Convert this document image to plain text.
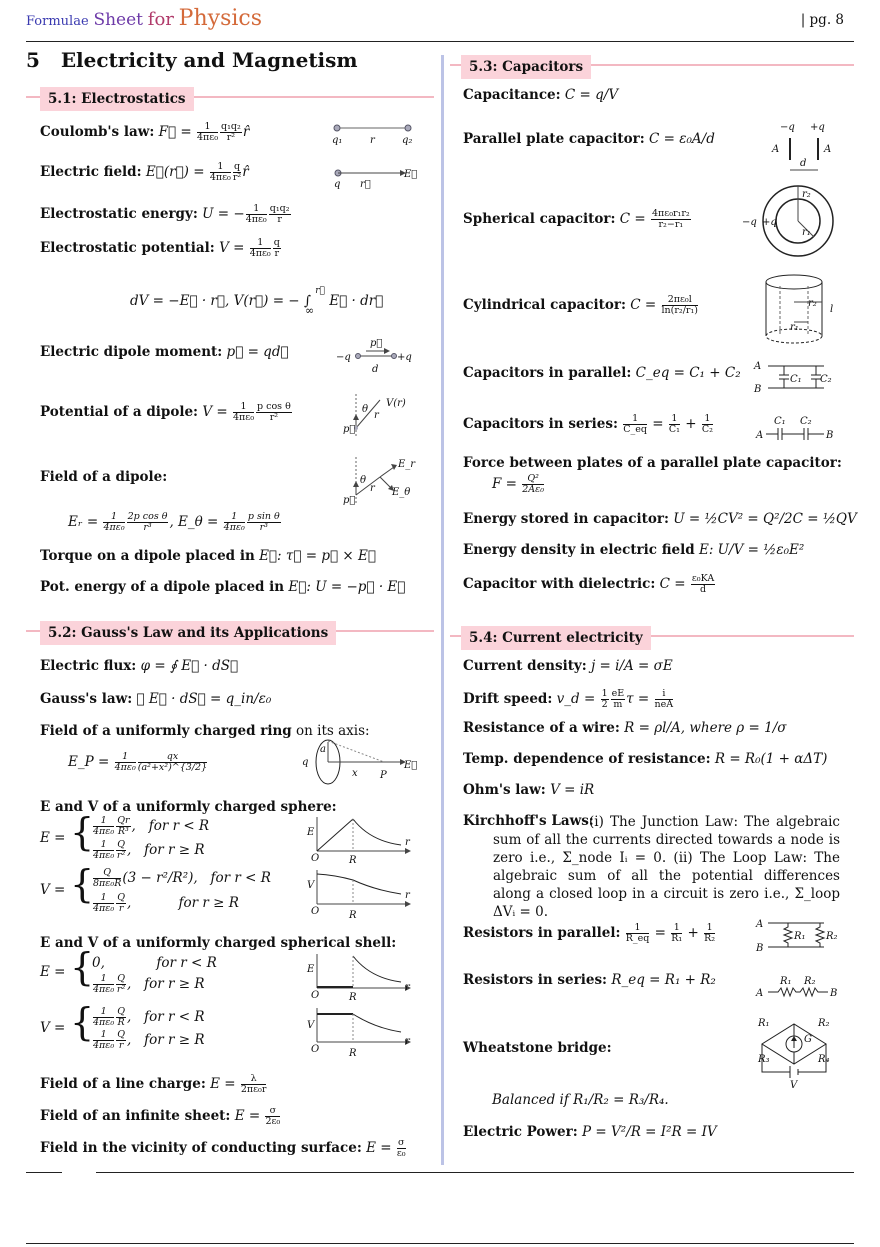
Formulae Sheet for Physics	| pg. 8
5 Electricity and Magnetism
5.1: Electrostatics
Coulomb's law: F⃗ = $\frac{1}{\text{4πε₀}} \frac{\text{q₁q₂}}{\text{r²}}$ r̂
q₁	r	q₂
Electric field: E⃗(r⃗) = $\frac{1}{\text{4πε₀}} \frac{q}{\text{r²}}$ r̂
q r⃗
E⃗
Electrostatic energy: U = − $\frac{1}{\text{4πε₀}} \frac{\text{q₁q₂}}{r}$
Electrostatic potential: $V = \frac{1}{\text{4πε₀}} \frac{q}{r}$
dV = −E⃗ · r⃗, V(r⃗) = − ∫ $^{r⃗}$ E⃗ · dr⃗
∞
Electric dipole moment: p⃗ = qd⃗
p⃗
−q	+q
d
Potential of a dipole: $V = \frac{1}{\text{4πε₀}} \frac{\text{p cos θ}}{\text{r²}}$	V(r)
θ
r
p⃗
Field of a dipole:
E_r
E_θ
θ
r
p⃗
Eᵣ = $\frac{1}{\text{4πε₀}} \frac{\text{2p cos θ}}{\text{r³}}$ , E_θ = $\frac{1}{\text{4πε₀}} \frac{\text{p sin θ}}{\text{r³}}$
Torque on a dipole placed in E⃗: τ⃗ = p⃗ × E⃗
Pot. energy of a dipole placed in E⃗: U = −p⃗ · E⃗
5.2: Gauss's Law and its Applications
Electric flux: φ = ∮ E⃗ · dS⃗
Gauss's law: ∮ E⃗ · dS⃗ = q_in/ε₀
Field of a uniformly charged ring on its axis:
E_P = $\frac{1}{\text{4πε₀}} \frac{qx}{\text{(a²+x²)\textasciicircum{}\{3/2\}}}$
a
q
x P
E⃗
E and V of a uniformly charged sphere:
E = {
$\frac{1}{\text{4πε₀}} \frac{Qr}{\text{R³}}$ ,   for r < R
$\frac{1}{\text{4πε₀}} \frac{Q}{\text{r²}}$ ,   for r ≥ R
E
O	R
r
V = {
$\frac{Q}{\text{8πε₀R}} (3 - r^2/R^2)$, for r < R
$\frac{1}{\text{4πε₀}} \frac{Q}{r}$ ,           for r ≥ R
V
O	R
r
E and V of a uniformly charged spherical shell:
E = {
0,	for r < R
$\frac{1}{\text{4πε₀}} \frac{Q}{\text{r²}}$ ,   for r ≥ R
E
O	R
r
V = {
$\frac{1}{\text{4πε₀}} \frac{Q}{R}$ ,   for r < R
$\frac{1}{\text{4πε₀}} \frac{Q}{r}$ ,   for r ≥ R
V
O	R
r
Field of a line charge: $E = \frac{\lambda}{\text{2πε₀r}}$
Field of an infinite sheet: $E = \frac{\sigma}{\text{2ε₀}}$
Field in the vicinity of conducting surface: $E = \frac{\sigma}{\text{ε₀}}$
5.3: Capacitors
Capacitance: C = q/V
Parallel plate capacitor: C = ε₀A/d
−q +q
A	A
d
Spherical capacitor: $C = \frac{\text{4πε₀r₁r₂}}{\text{r₂−r₁}}$
r₂
r₁
−q +q
Cylindrical capacitor: $C = \frac{\text{2πε₀l}}{\text{ln(r₂/r₁)}}$	r₂
r₁
l
Capacitors in parallel: C_eq = C₁ + C₂ A
B
C₁ C₂
Capacitors in series: $\frac{1}{C\_eq} = \frac{1}{\text{C₁}} + \frac{1}{\text{C₂}}$	C₁ C₂
A	B
Force between plates of a parallel plate capacitor:
$F = \frac{\text{Q²}}{\text{2Aε₀}}$
Energy stored in capacitor: U = ½CV² = Q²/2C = ½QV
Energy density in electric field E: U/V = ½ε₀E²
Capacitor with dielectric: $C = \frac{\text{ε₀KA}}{d}$
5.4: Current electricity
Current density: j = i/A = σE
Drift speed: v_d = $\frac{1}{2} \frac{eE}{m}$ $\tau = \frac{i}{\text{neA}}$
Resistance of a wire: R = ρl/A, where ρ = 1/σ
Temp. dependence of resistance: R = R₀(1 + αΔT)
Ohm's law: V = iR
Kirchhoff's Laws:
(i) The Junction Law: The algebraic sum of all the currents directed towards a node is zero i.e., Σ_node Iᵢ = 0. (ii) The Loop Law: The algebraic sum of all the potential differences along a closed loop in a circuit is zero i.e., Σ_loop ΔVᵢ = 0.
Resistors in parallel: $\frac{1}{R\_eq} = \frac{1}{\text{R₁}} + \frac{1}{\text{R₂}}$	A
B
R₁ R₂
Resistors in series: R_eq = R₁ + R₂	R₁ R₂
A	B
Wheatstone bridge:
R₁	R₂
R₃	R₄
G
V
Balanced if R₁/R₂ = R₃/R₄.
Electric Power: P = V²/R = I²R = IV
